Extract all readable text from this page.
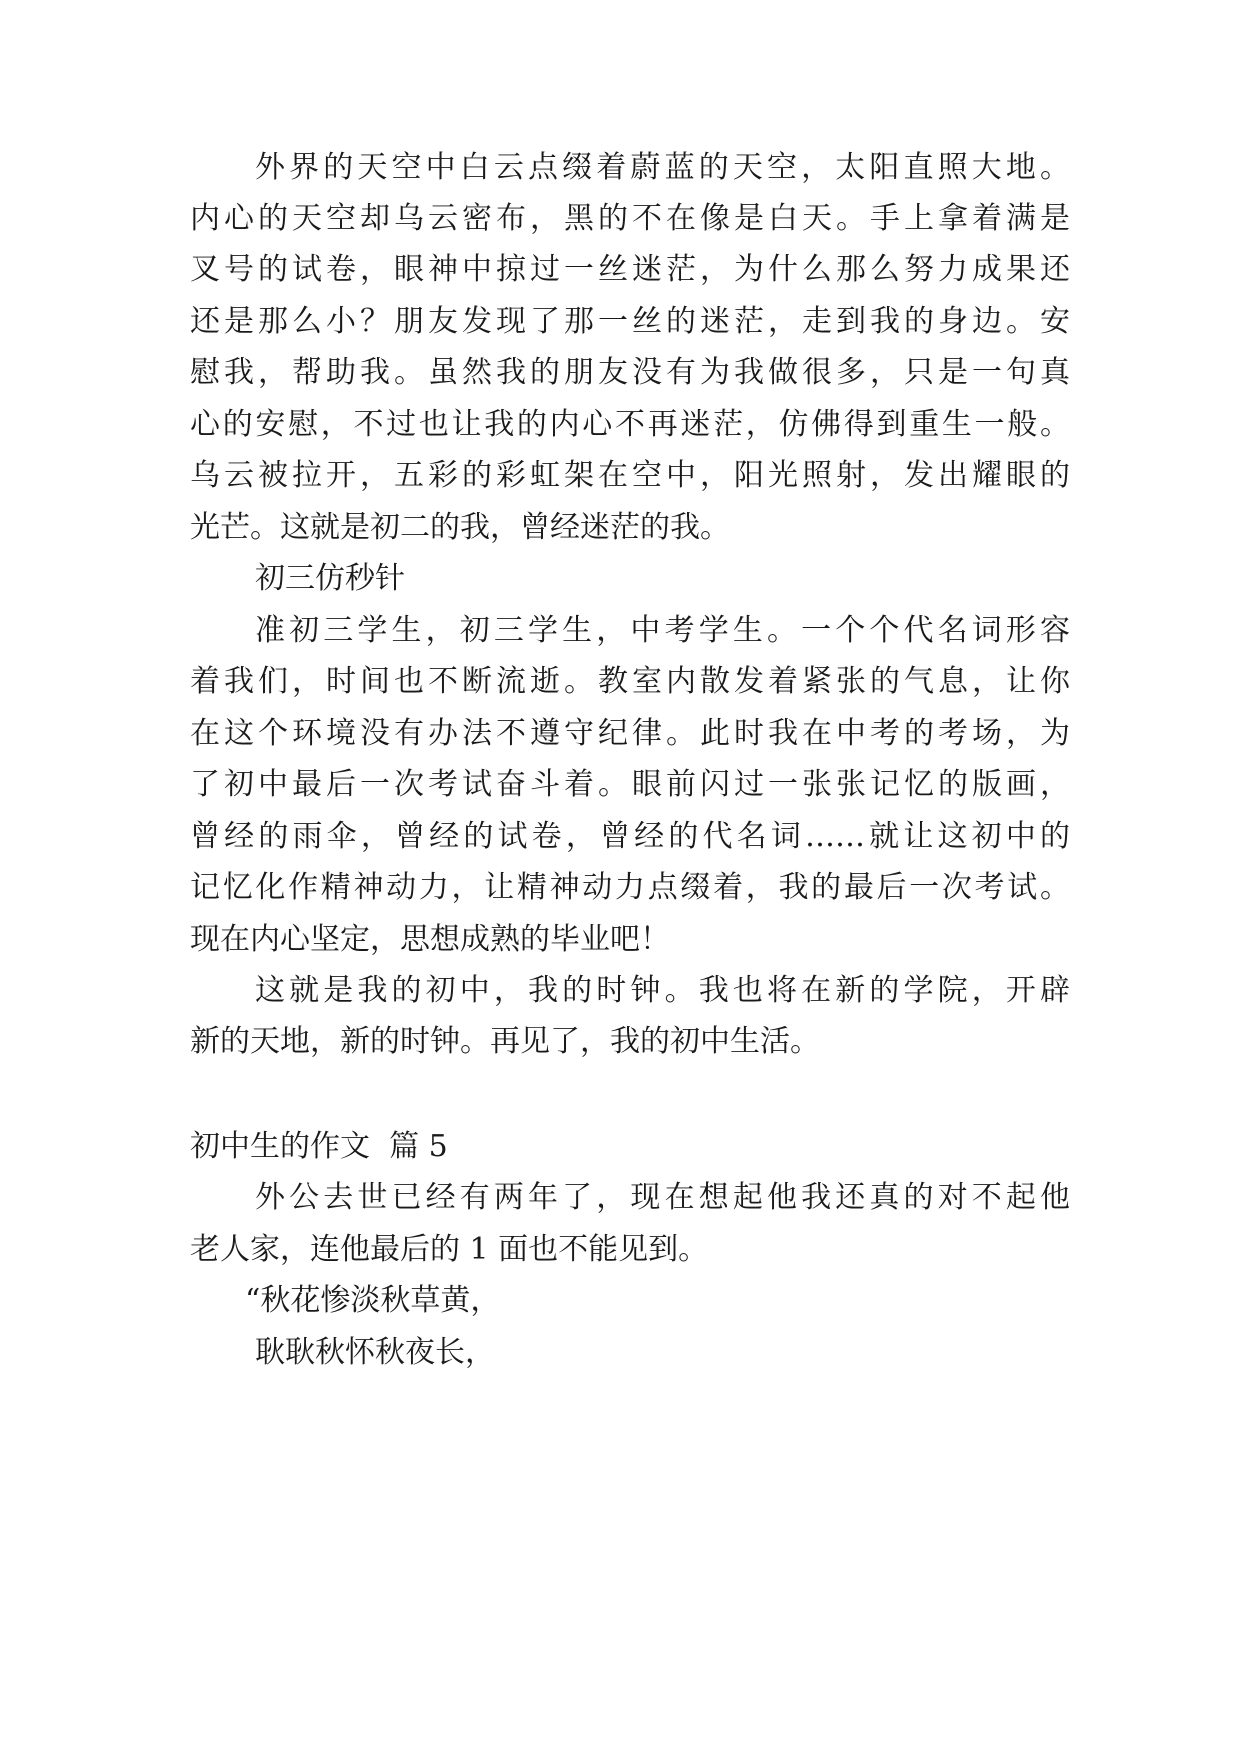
外界的天空中白云点缀着蔚蓝的天空，太阳直照大地。
内心的天空却乌云密布，黑的不在像是白天。手上拿着满是
叉号的试卷，眼神中掠过一丝迷茫，为什么那么努力成果还
还是那么小？朋友发现了那一丝的迷茫，走到我的身边。安
慰我，帮助我。虽然我的朋友没有为我做很多，只是一句真
心的安慰，不过也让我的内心不再迷茫，仿佛得到重生一般。
乌云被拉开，五彩的彩虹架在空中，阳光照射，发出耀眼的
光芒。这就是初二的我，曾经迷茫的我。
初三仿秒针
准初三学生，初三学生，中考学生。一个个代名词形容
着我们，时间也不断流逝。教室内散发着紧张的气息，让你
在这个环境没有办法不遵守纪律。此时我在中考的考场，为
了初中最后一次考试奋斗着。眼前闪过一张张记忆的版画，
曾经的雨伞，曾经的试卷，曾经的代名词……就让这初中的
记忆化作精神动力，让精神动力点缀着，我的最后一次考试。
现在内心坚定，思想成熟的毕业吧！
这就是我的初中，我的时钟。我也将在新的学院，开辟
新的天地，新的时钟。再见了，我的初中生活。
初中生的作文  篇 5
外公去世已经有两年了，现在想起他我还真的对不起他
老人家，连他最后的 1 面也不能见到。
“秋花惨淡秋草黄，
耿耿秋怀秋夜长，
